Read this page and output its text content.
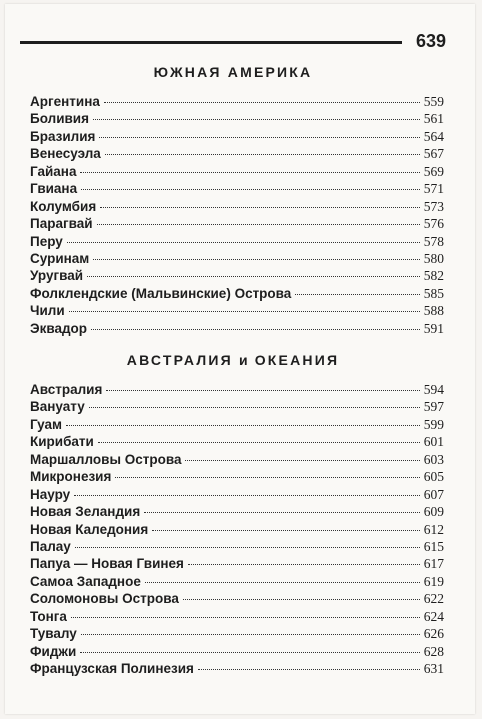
639
ЮЖНАЯ АМЕРИКА
Аргентина	559
Боливия	561
Бразилия	564
Венесуэла	567
Гайана	569
Гвиана	571
Колумбия	573
Парагвай	576
Перу	578
Суринам	580
Уругвай	582
Фолклендские (Мальвинские) Острова	585
Чили	588
Эквадор	591
АВСТРАЛИЯ и ОКЕАНИЯ
Австралия	594
Вануату	597
Гуам	599
Кирибати	601
Маршалловы Острова	603
Микронезия	605
Науру	607
Новая Зеландия	609
Новая Каледония	612
Палау	615
Папуа — Новая Гвинея	617
Самоа Западное	619
Соломоновы Острова	622
Тонга	624
Тувалу	626
Фиджи	628
Французская Полинезия	631
